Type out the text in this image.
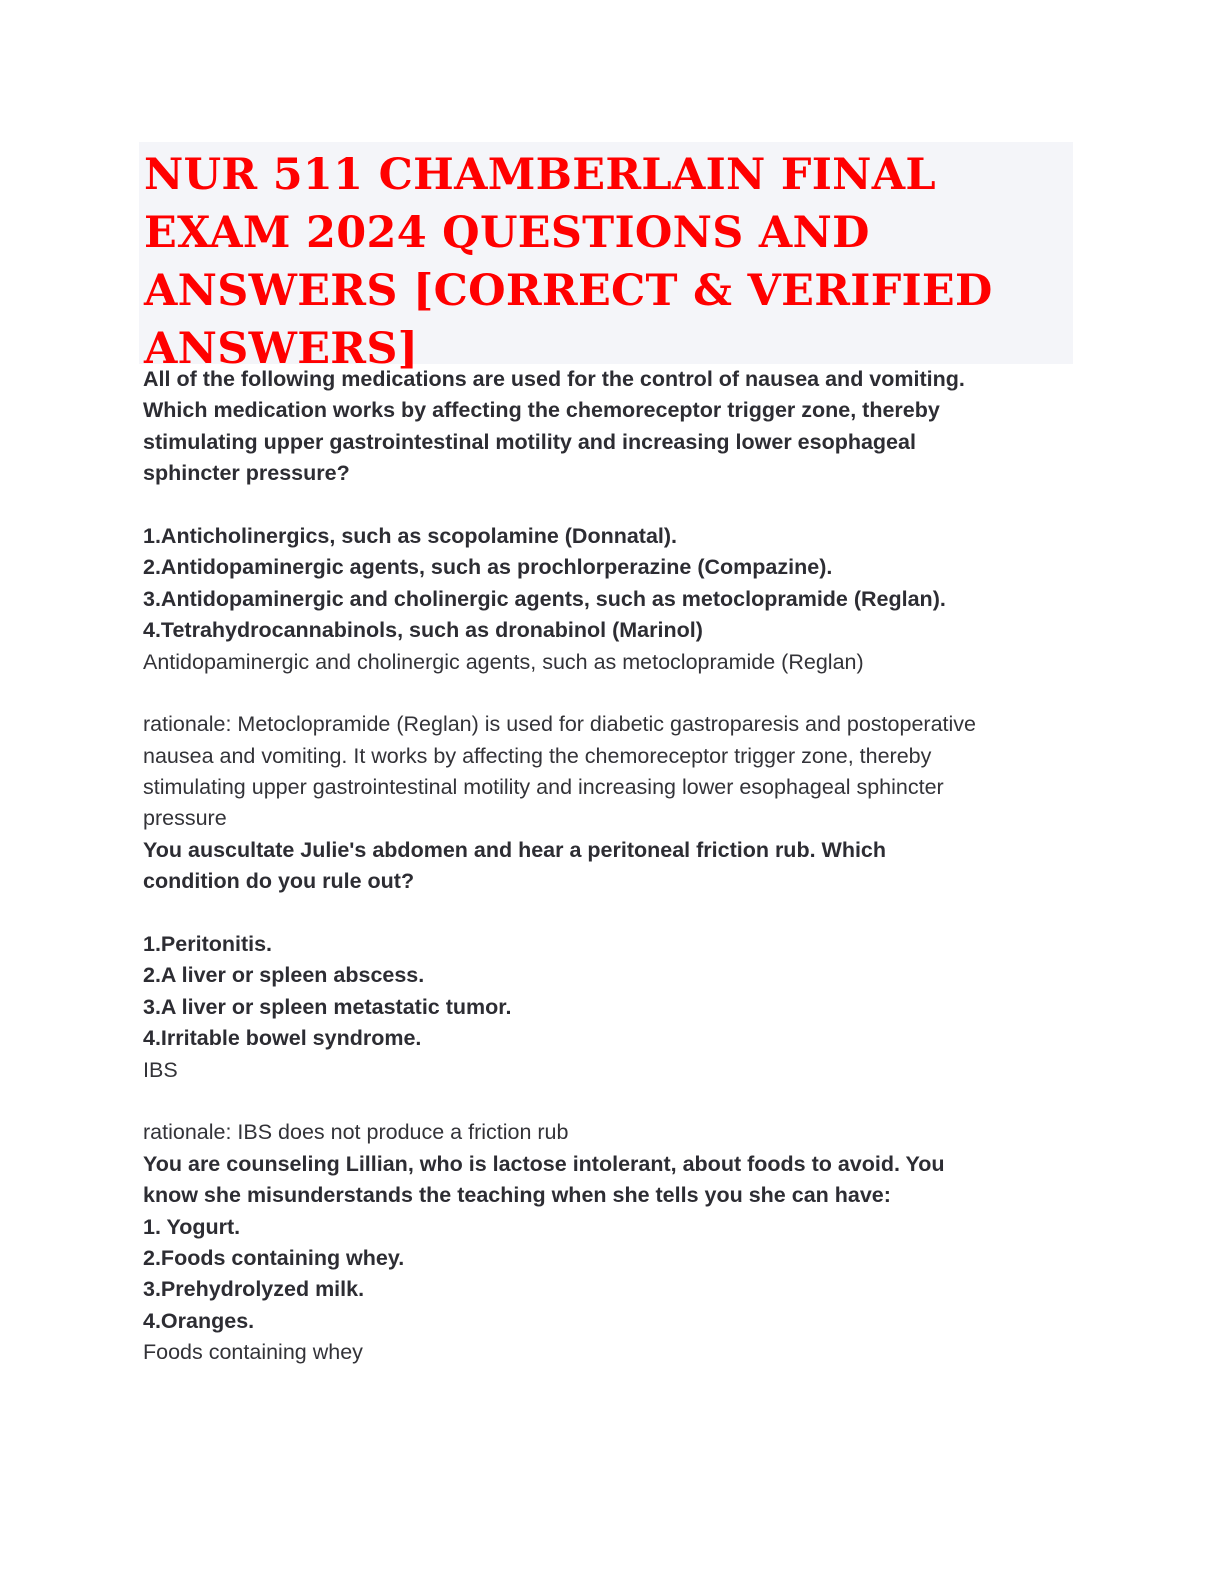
NUR 511 CHAMBERLAIN FINAL
EXAM 2024 QUESTIONS AND
ANSWERS [CORRECT & VERIFIED
ANSWERS]
All of the following medications are used for the control of nausea and vomiting.
Which medication works by affecting the chemoreceptor trigger zone, thereby
stimulating upper gastrointestinal motility and increasing lower esophageal
sphincter pressure?
1.Anticholinergics, such as scopolamine (Donnatal).
2.Antidopaminergic agents, such as prochlorperazine (Compazine).
3.Antidopaminergic and cholinergic agents, such as metoclopramide (Reglan).
4.Tetrahydrocannabinols, such as dronabinol (Marinol)
Antidopaminergic and cholinergic agents, such as metoclopramide (Reglan)
rationale: Metoclopramide (Reglan) is used for diabetic gastroparesis and postoperative
nausea and vomiting. It works by affecting the chemoreceptor trigger zone, thereby
stimulating upper gastrointestinal motility and increasing lower esophageal sphincter
pressure
You auscultate Julie's abdomen and hear a peritoneal friction rub. Which
condition do you rule out?
1.Peritonitis.
2.A liver or spleen abscess.
3.A liver or spleen metastatic tumor.
4.Irritable bowel syndrome.
IBS
rationale: IBS does not produce a friction rub
You are counseling Lillian, who is lactose intolerant, about foods to avoid. You
know she misunderstands the teaching when she tells you she can have:
1. Yogurt.
2.Foods containing whey.
3.Prehydrolyzed milk.
4.Oranges.
Foods containing whey
